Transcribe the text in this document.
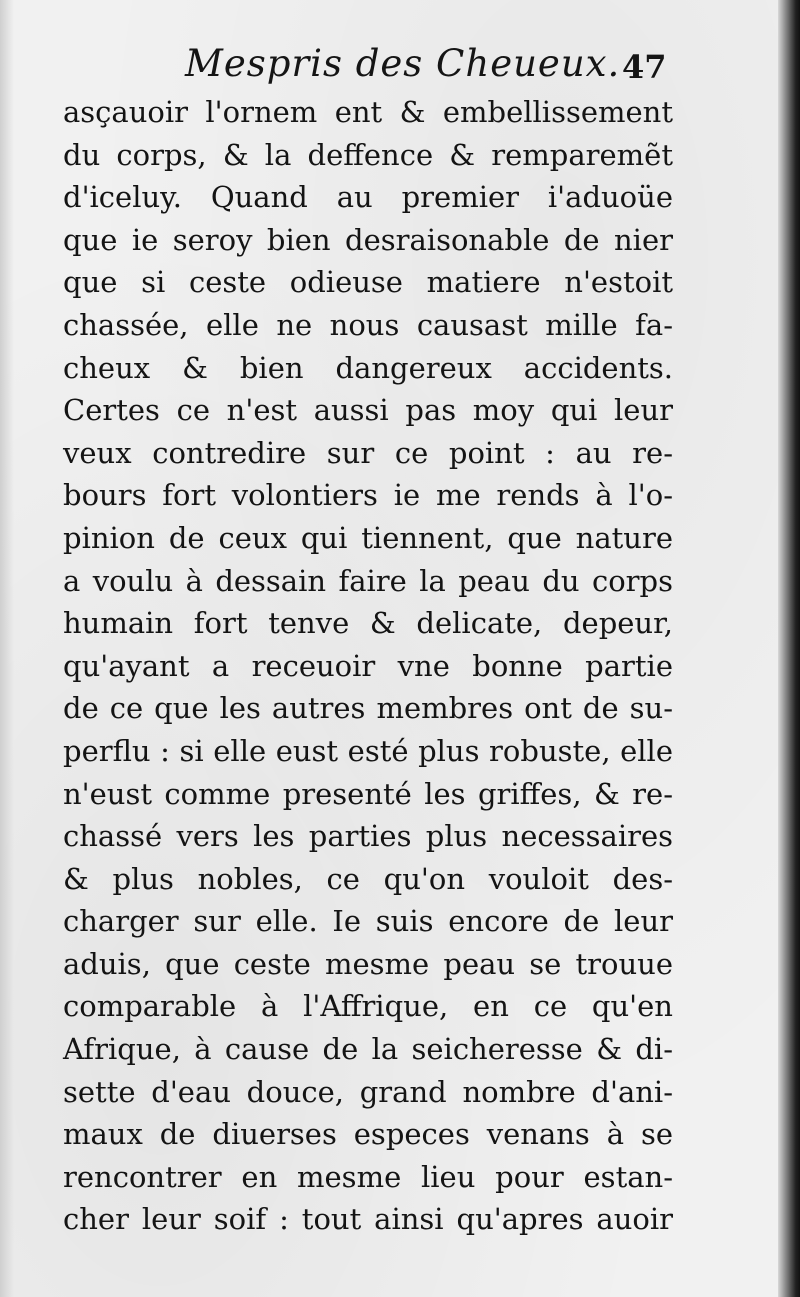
Mespris des Cheueux. 47
asçauoir l'ornem ent & embellissement
du corps, & la deffence & remparemẽt
d'iceluy. Quand au premier i'aduoüe
que ie seroy bien desraisonable de nier
que si ceste odieuse matiere n'estoit
chassée, elle ne nous causast mille fa-
cheux & bien dangereux accidents.
Certes ce n'est aussi pas moy qui leur
veux contredire sur ce point : au re-
bours fort volontiers ie me rends à l'o-
pinion de ceux qui tiennent, que nature
a voulu à dessain faire la peau du corps
humain fort tenve & delicate, depeur,
qu'ayant a receuoir vne bonne partie
de ce que les autres membres ont de su-
perflu : si elle eust esté plus robuste, elle
n'eust comme presenté les griffes, & re-
chassé vers les parties plus necessaires
& plus nobles, ce qu'on vouloit des-
charger sur elle. Ie suis encore de leur
aduis, que ceste mesme peau se trouue
comparable à l'Affrique, en ce qu'en
Afrique, à cause de la seicheresse & di-
sette d'eau douce, grand nombre d'ani-
maux de diuerses especes venans à se
rencontrer en mesme lieu pour estan-
cher leur soif : tout ainsi qu'apres auoir
